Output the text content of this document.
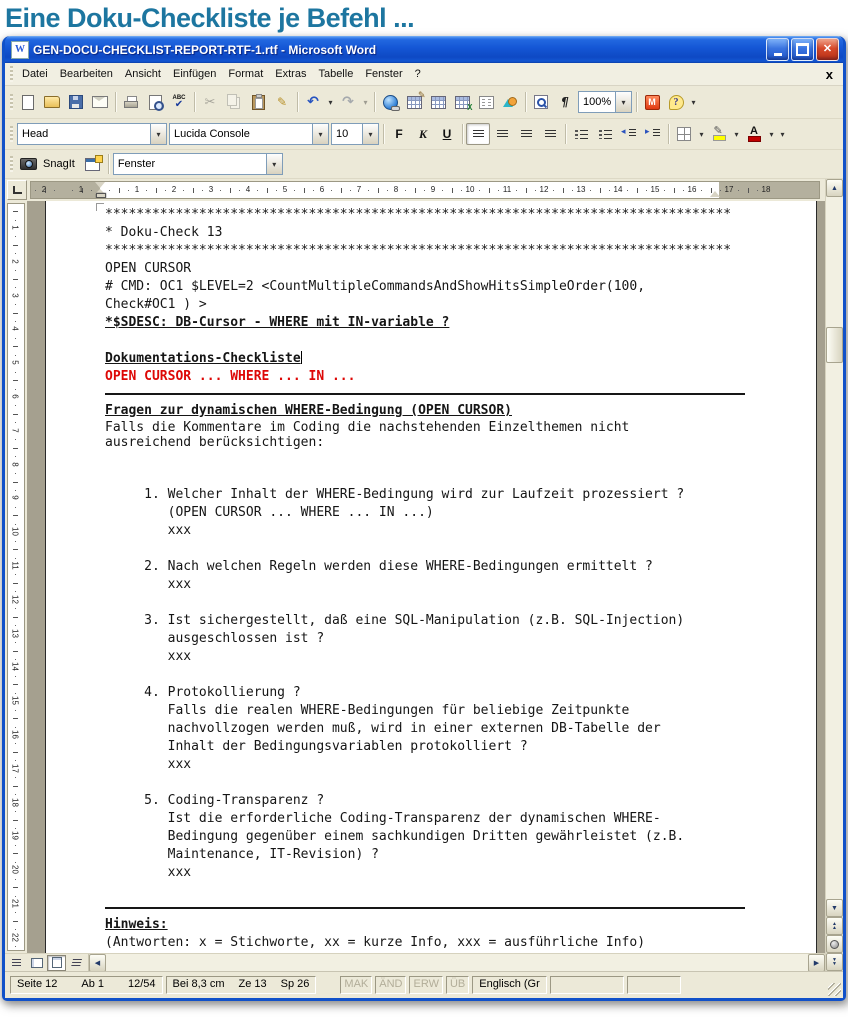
Eine Doku-Checkliste je Befehl ...
W
GEN-DOCU-CHECKLIST-REPORT-RTF-1.rtf - Microsoft Word	✕
Datei Bearbeiten Ansicht Einfügen Format Extras Tabelle Fenster ?	x
ABC ✔
✂
✎
↶
▾
↷
▾
✎
X
¶
100%
▾
M
?
▾
Head ▾	Lucida Console ▾	10
▾
F
K
U
◂
▸
▾
✎
▾
A
▾
▾
SnagIt	Fenster
▾
1	2	3	4	5	6	7	8	9	10	11	12	13	14	15	16	17	18
2	1
1
2
3
4
5
6
7
8
9
10
11
12
13
14
15
16
17
18
19
20
21
22
********************************************************************************
* Doku-Check 13
********************************************************************************
OPEN CURSOR
# CMD: OC1 $LEVEL=2 <CountMultipleCommandsAndShowHitsSimpleOrder(100,
Check#OC1 ) >
*$SDESC: DB-Cursor - WHERE mit IN-variable ?

Dokumentations-Checkliste
OPEN CURSOR ... WHERE ... IN ...
Fragen zur dynamischen WHERE-Bedingung (OPEN CURSOR)
Falls die Kommentare im Coding die nachstehenden Einzelthemen nicht
ausreichend berücksichtigen:

1. Welcher Inhalt der WHERE-Bedingung wird zur Laufzeit prozessiert ?
(OPEN CURSOR ... WHERE ... IN ...)
xxx

2. Nach welchen Regeln werden diese WHERE-Bedingungen ermittelt ?
xxx

3. Ist sichergestellt, daß eine SQL-Manipulation (z.B. SQL-Injection)
ausgeschlossen ist ?
xxx

4. Protokollierung ?
Falls die realen WHERE-Bedingungen für beliebige Zeitpunkte
nachvollzogen werden muß, wird in einer externen DB-Tabelle der
Inhalt der Bedingungsvariablen protokolliert ?
xxx

5. Coding-Transparenz ?
Ist die erforderliche Coding-Transparenz der dynamischen WHERE-
Bedingung gegenüber einem sachkundigen Dritten gewährleistet (z.B.
Maintenance, IT-Revision) ?
xxx

Hinweis:
(Antworten: x = Stichworte, xx = kurze Info, xxx = ausführliche Info)
◀
▶
▲
▼
▲ ▲
▼ ▼
Seite 12 Ab 1 12/54 Bei 8,3 cm Ze 13 Sp 26	MAK	ÄND	ERW	ÜB	Englisch (Gr
